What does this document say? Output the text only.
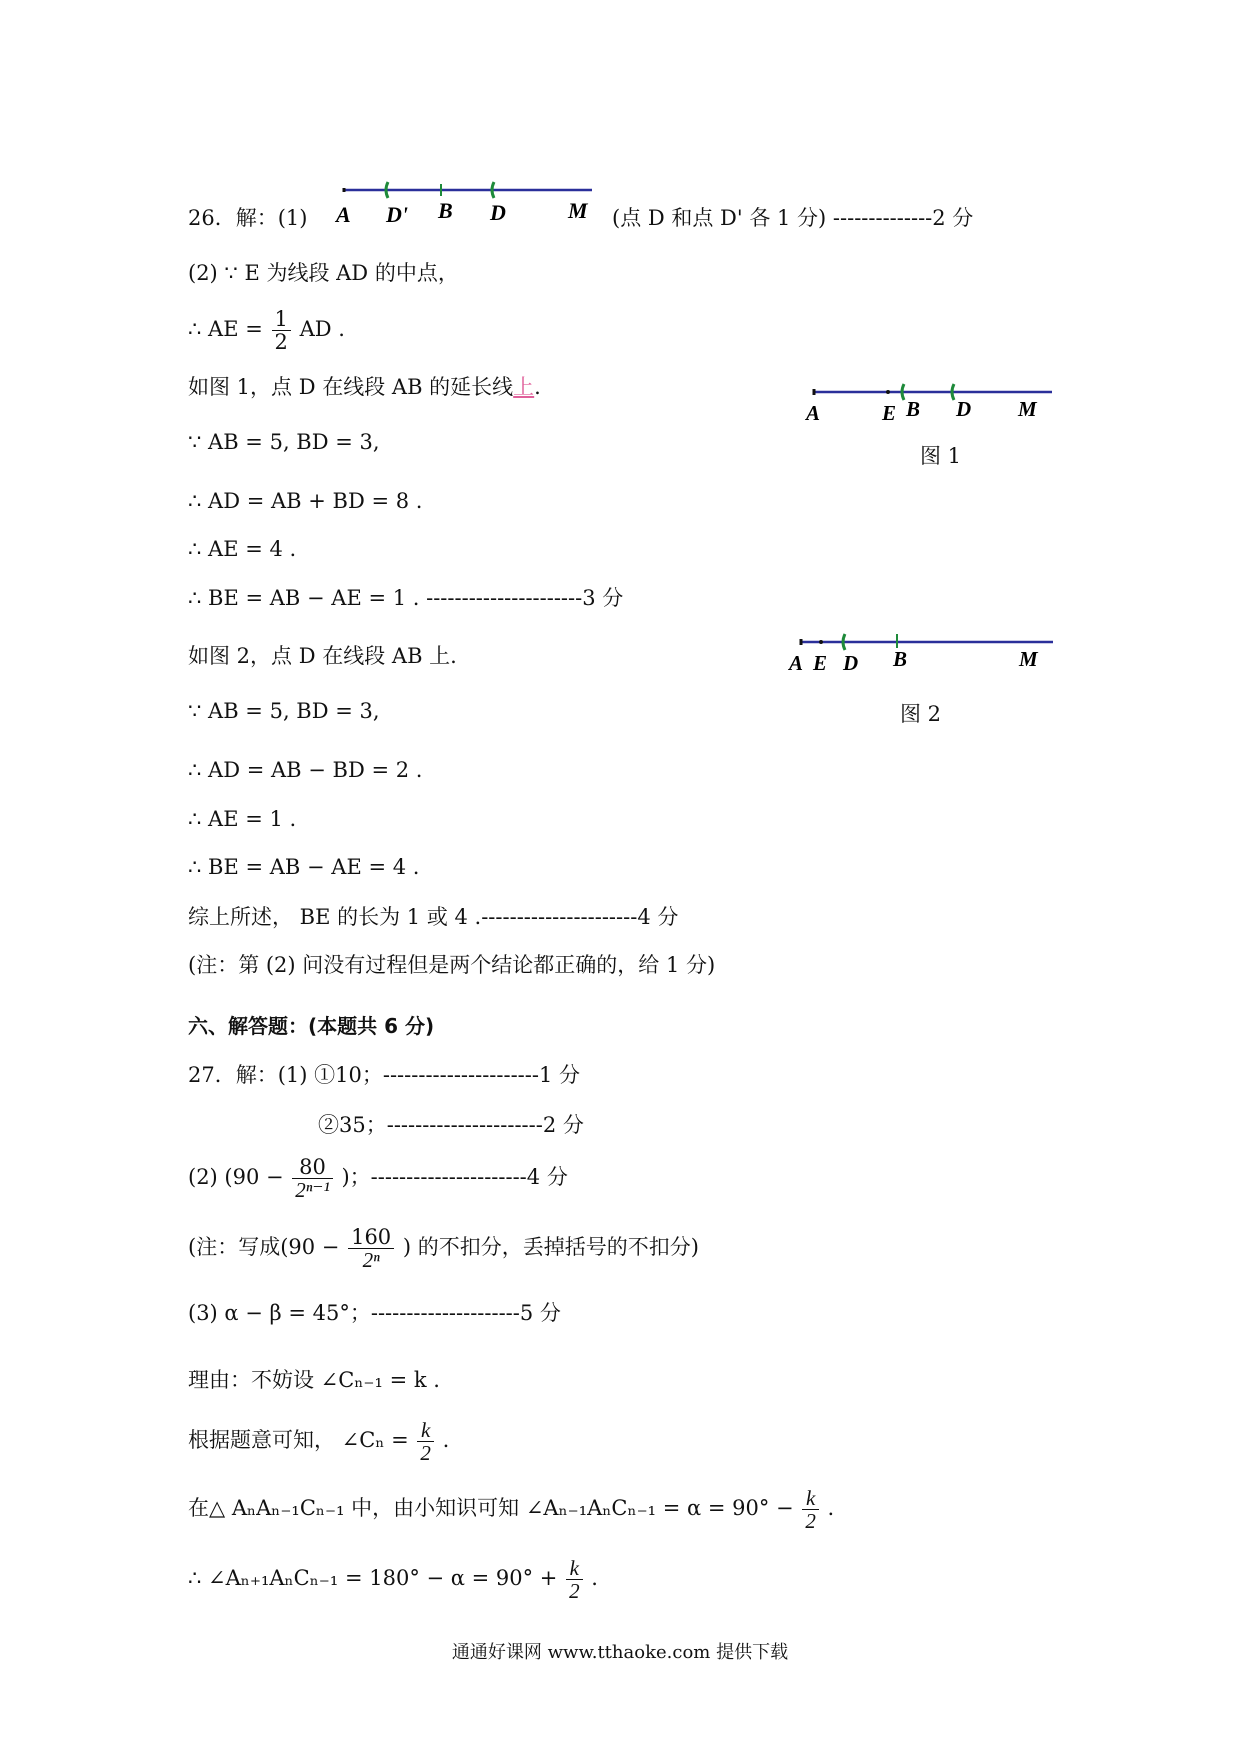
26．解：(1) A D' B D	M (点 D 和点 D' 各 1 分) --------------2 分
(2) ∵ E 为线段 AD 的中点，
∴ AE = $\frac{1}{2}$ AD .
如图 1，点 D 在线段 AB 的延长线上.
A	E B D M
图 1
∵ AB = 5, BD = 3,
∴ AD = AB + BD = 8 .
∴ AE = 4 .
∴ BE = AB − AE = 1 . ----------------------3 分
A E D B	M
图 2
如图 2，点 D 在线段 AB 上.
∵ AB = 5, BD = 3,
∴ AD = AB − BD = 2 .
∴ AE = 1 .
∴ BE = AB − AE = 4 .
综上所述， BE 的长为 1 或 4 .----------------------4 分
(注：第 (2) 问没有过程但是两个结论都正确的，给 1 分)
六、解答题：(本题共 6 分)
27．解：(1) ①10；----------------------1 分
②35；----------------------2 分
(2) ($90 - \frac{80}{\text{2ⁿ⁻¹}}$ )；----------------------4 分
(注：写成($90 - \frac{160}{\text{2ⁿ}}$ ) 的不扣分，丢掉括号的不扣分)
(3) α − β = 45°；---------------------5 分
理由：不妨设 ∠Cₙ₋₁ = k .
根据题意可知， ∠Cₙ = $\frac{k}{2}$ .
在△ AₙAₙ₋₁Cₙ₋₁ 中，由小知识可知 ∠Aₙ₋₁AₙCₙ₋₁ = $\alpha = 90^\circ - \frac{k}{2}$ .
∴ ∠Aₙ₊₁AₙCₙ₋₁ = $180^\circ - \alpha = 90^\circ + \frac{k}{2}$ .
通通好课网 www.tthaoke.com 提供下载
